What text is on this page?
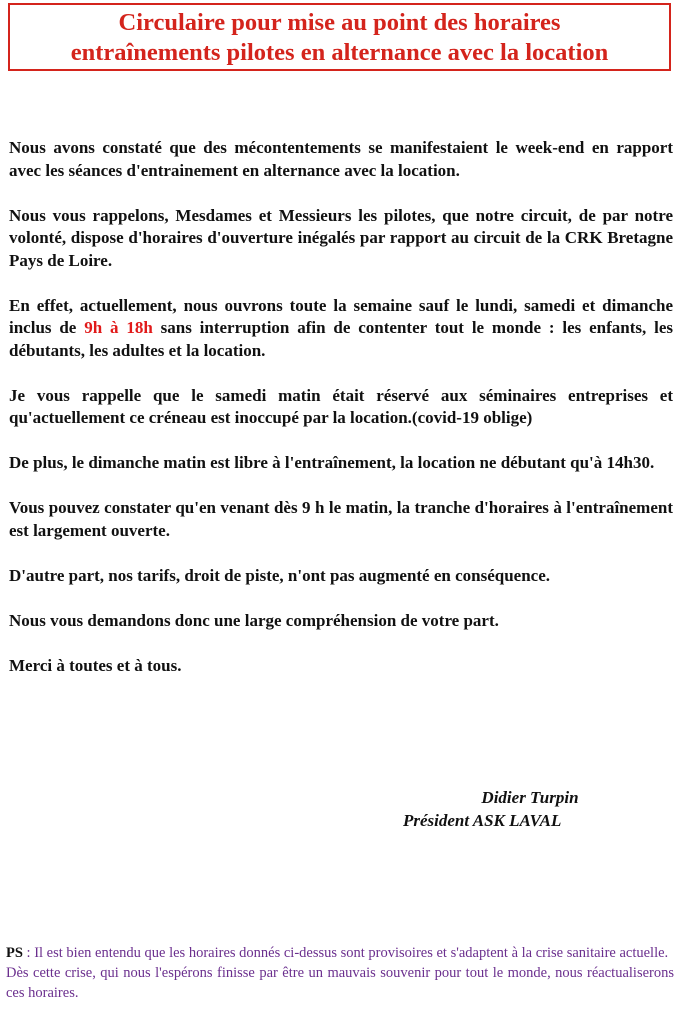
Circulaire pour mise au point des horaires
entraînements pilotes en alternance avec la location

Nous avons constaté que des mécontentements se manifestaient le week-end en rapport avec les séances d'entrainement en alternance avec la location.

Nous vous rappelons, Mesdames et Messieurs les pilotes, que notre circuit, de par notre volonté, dispose d'horaires d'ouverture inégalés par rapport au circuit de la CRK Bretagne Pays de Loire.

En effet, actuellement, nous ouvrons toute la semaine sauf le lundi, samedi et dimanche inclus de 9h à 18h sans interruption afin de contenter tout le monde : les enfants, les débutants, les adultes et la location.

Je vous rappelle que le samedi matin était réservé aux séminaires entreprises et qu'actuellement ce créneau est inoccupé par la location.(covid-19 oblige)

De plus, le dimanche matin est libre à l'entraînement, la location ne débutant qu'à 14h30.

Vous pouvez constater qu'en venant dès 9 h le matin, la tranche d'horaires à l'entraînement est largement ouverte.

D'autre part, nos tarifs, droit de piste, n'ont pas augmenté en conséquence.

Nous vous demandons donc une large compréhension de votre part.

Merci à toutes et à tous.

Didier Turpin
Président ASK LAVAL

PS : Il est bien entendu que les horaires donnés ci-dessus sont provisoires et s'adaptent à la crise sanitaire actuelle.

Dès cette crise, qui nous l'espérons finisse par être un mauvais souvenir pour tout le monde, nous réactualiserons ces horaires.
